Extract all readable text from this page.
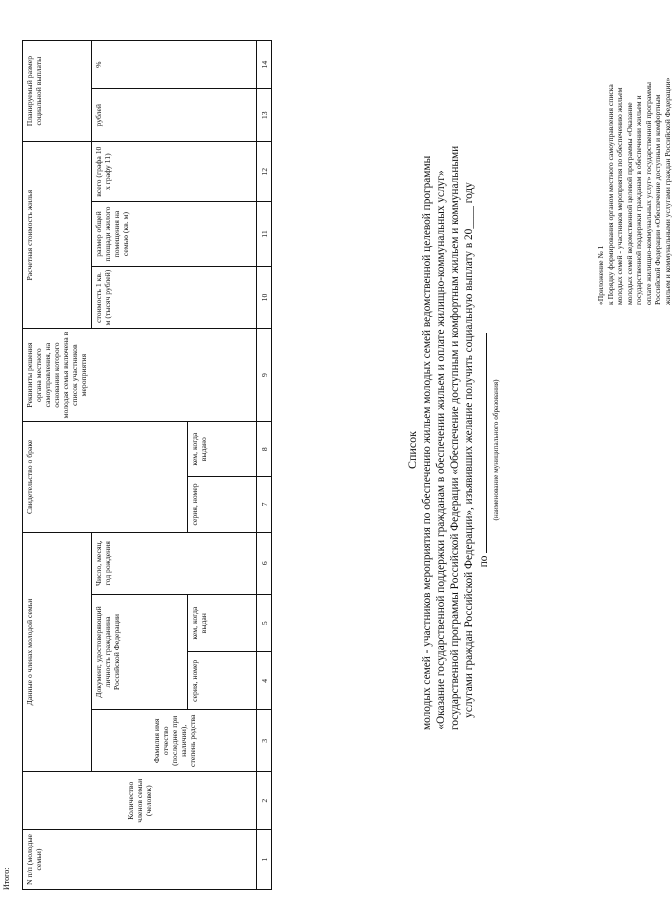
«Приложение № 1 к Порядку формирования органом местного самоуправления списка молодых семей - участников мероприятия по обеспечению жильем молодых семей ведомственной целевой программы «Оказание государственной поддержки гражданам в обеспечении жильем и оплате жилищно-коммунальных услуг» государственной программы Российской Федерации «Обеспечение доступным и комфортным жильем и коммунальными услугами граждан Российской Федерации»
Список молодых семей - участников мероприятия по обеспечению жильем молодых семей ведомственной целевой программы «Оказание государственной поддержки гражданам в обеспечении жильем и оплате жилищно-коммунальных услуг» государственной программы Российской Федерации «Обеспечение доступным и комфортным жильем и коммунальными услугами граждан Российской Федерации», изъявивших желание получить социальную выплату в 20____ году по
(наименование муниципального образования)
N п/п (молодые семьи)	Количество членов семьи (человек)	Данные о членах молодой семьи				Свидетельство о браке		Реквизиты решения органа местного самоуправления, на основании которого молодая семья включена в список участников мероприятия	Расчетная стоимость жилья			Планируемый размер социальной выплаты	
		Фамилия имя отчество (последнее при наличии), степень родства	Документ, удостоверяющий личность гражданина Российской Федерации		Число, месяц, год рождения				стоимость 1 кв. м (тысяч рублей)	размер общей площади жилого помещения на семью (кв. м)	всего (графа 10 x графу 11)	рублей	%
			серия, номер	кем, когда выдан		серия, номер	кем, когда выдано						
1	2	3	4	5	6	7	8	9	10	11	12	13	14
Итого:
